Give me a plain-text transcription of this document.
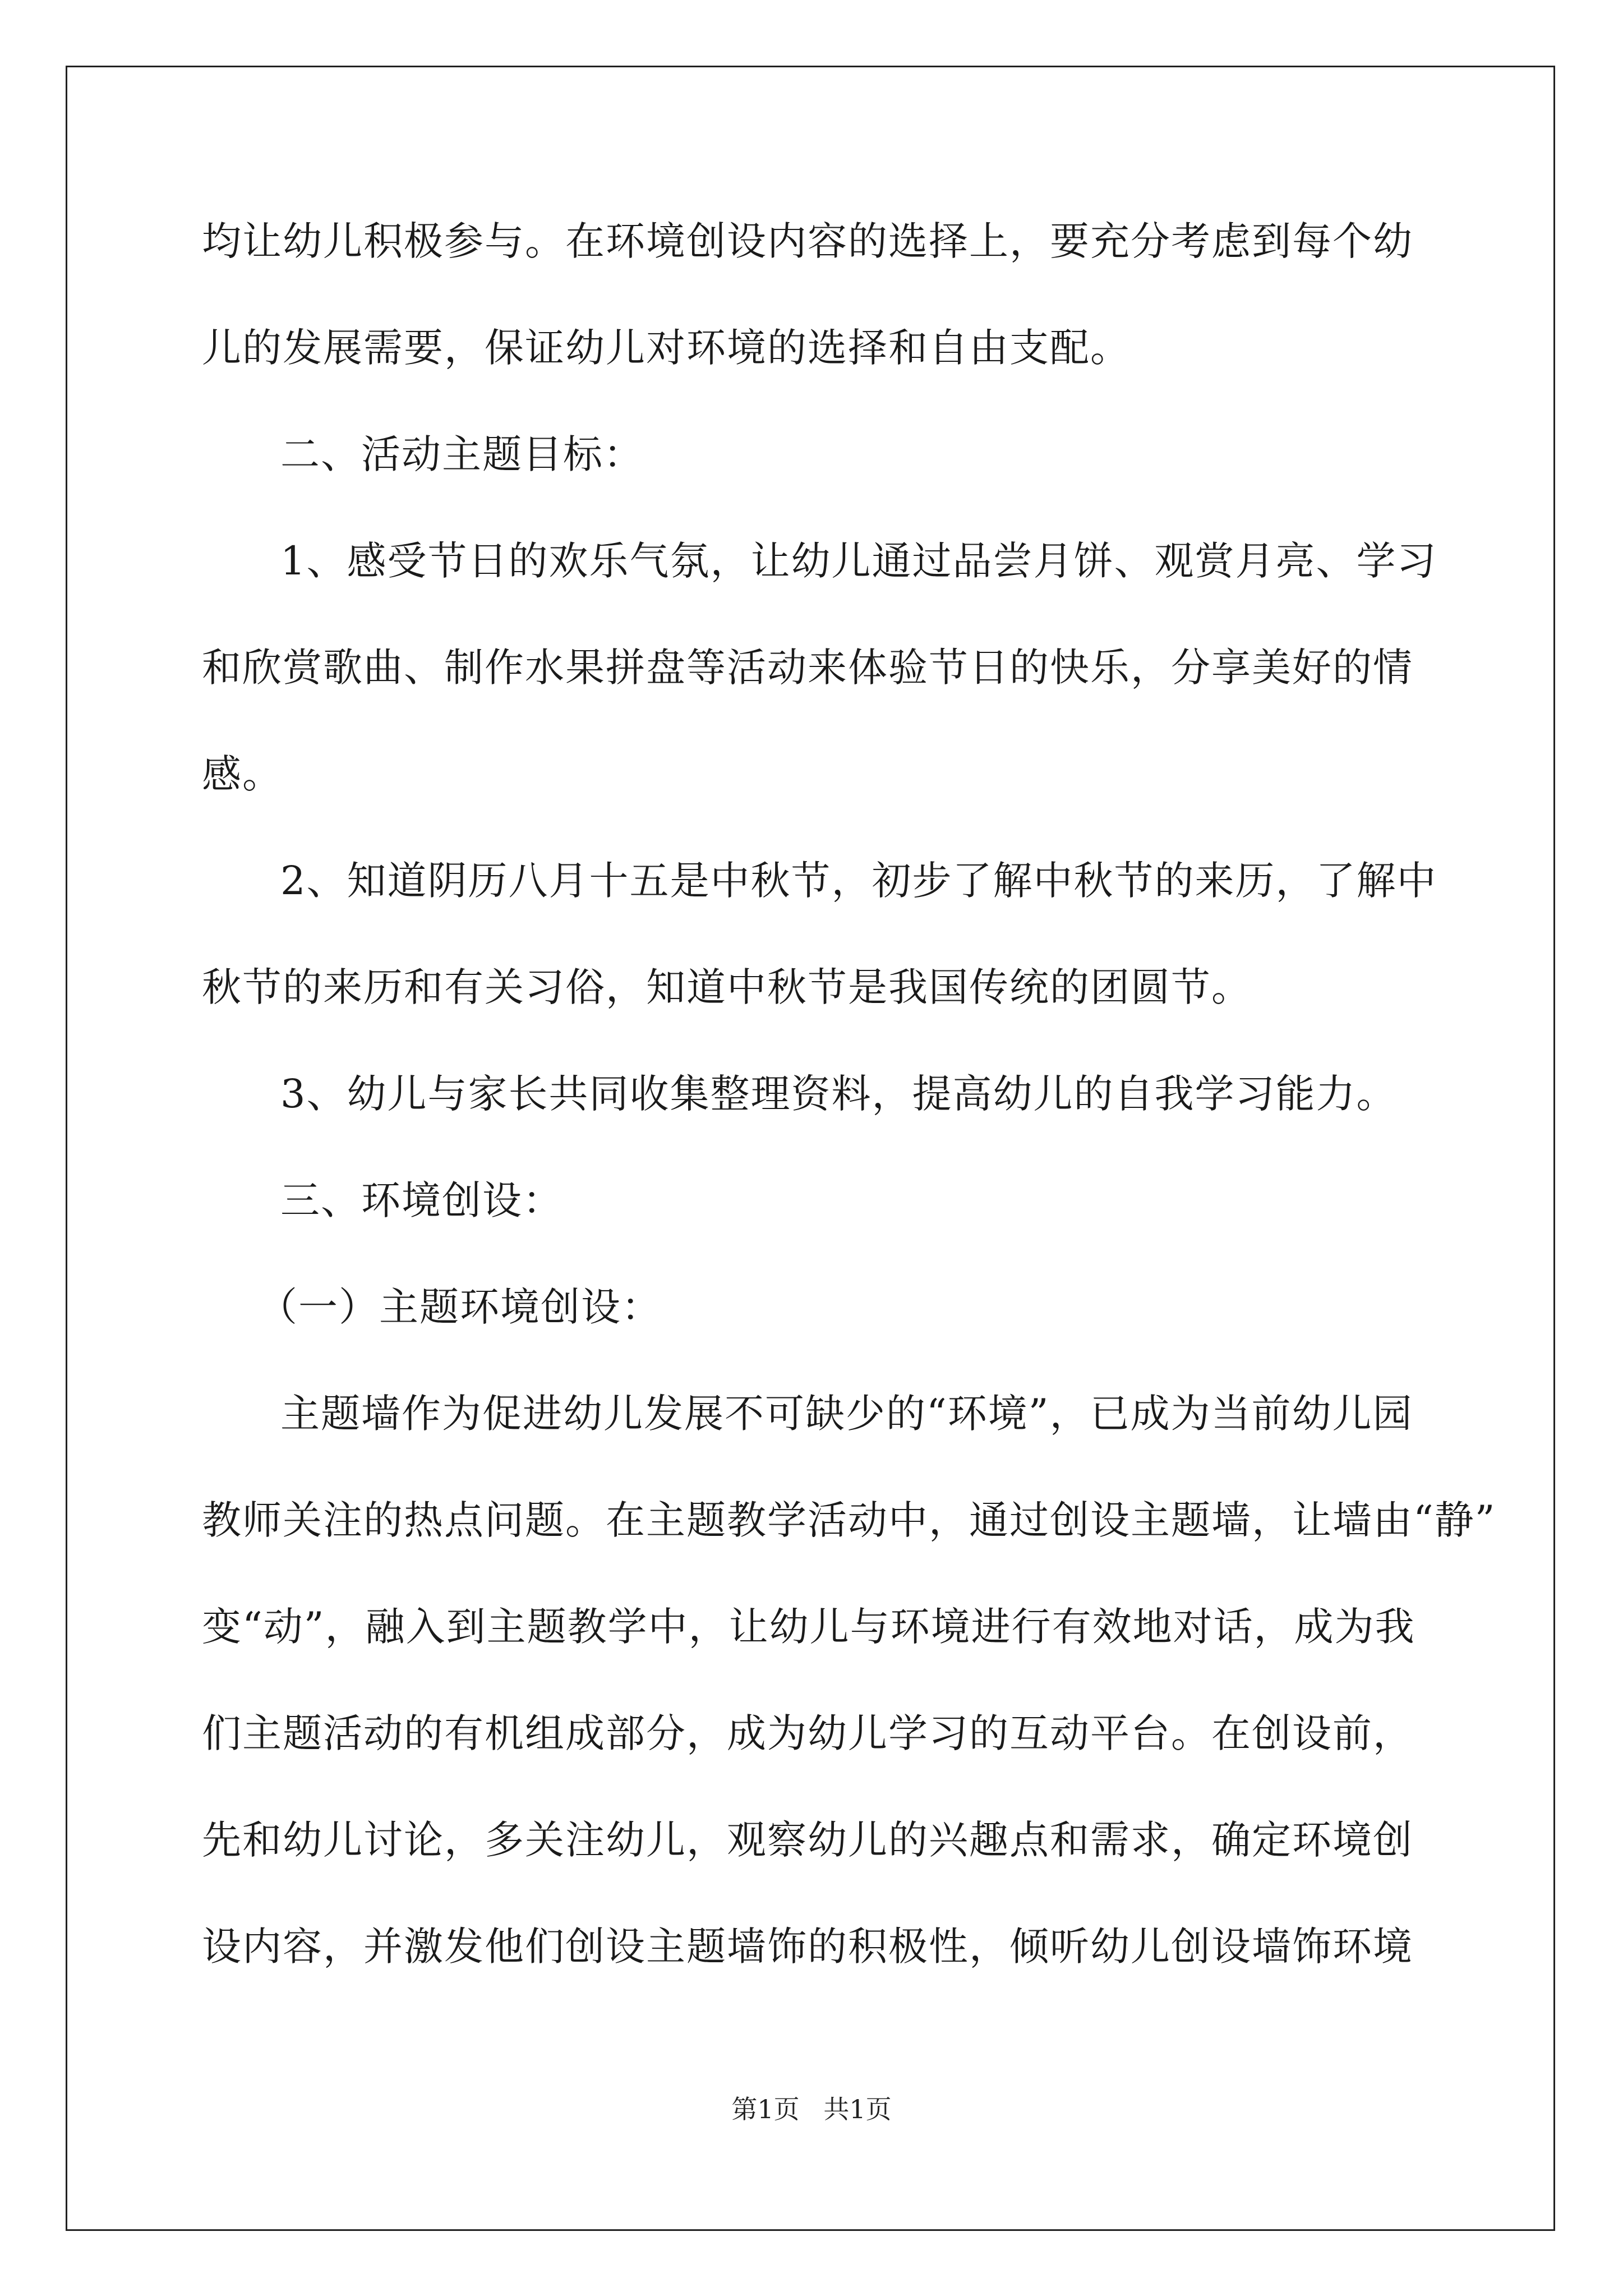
均让幼儿积极参与。在环境创设内容的选择上，要充分考虑到每个幼
儿的发展需要，保证幼儿对环境的选择和自由支配。
二、活动主题目标：
1、感受节日的欢乐气氛，让幼儿通过品尝月饼、观赏月亮、学习
和欣赏歌曲、制作水果拼盘等活动来体验节日的快乐，分享美好的情
感。
2、知道阴历八月十五是中秋节，初步了解中秋节的来历，了解中
秋节的来历和有关习俗，知道中秋节是我国传统的团圆节。
3、幼儿与家长共同收集整理资料，提高幼儿的自我学习能力。
三、环境创设：
（一）主题环境创设：
主题墙作为促进幼儿发展不可缺少的“环境”，已成为当前幼儿园
教师关注的热点问题。在主题教学活动中，通过创设主题墙，让墙由“静”
变“动”，融入到主题教学中，让幼儿与环境进行有效地对话，成为我
们主题活动的有机组成部分，成为幼儿学习的互动平台。在创设前，
先和幼儿讨论，多关注幼儿，观察幼儿的兴趣点和需求，确定环境创
设内容，并激发他们创设主题墙饰的积极性，倾听幼儿创设墙饰环境
第1页 共1页
